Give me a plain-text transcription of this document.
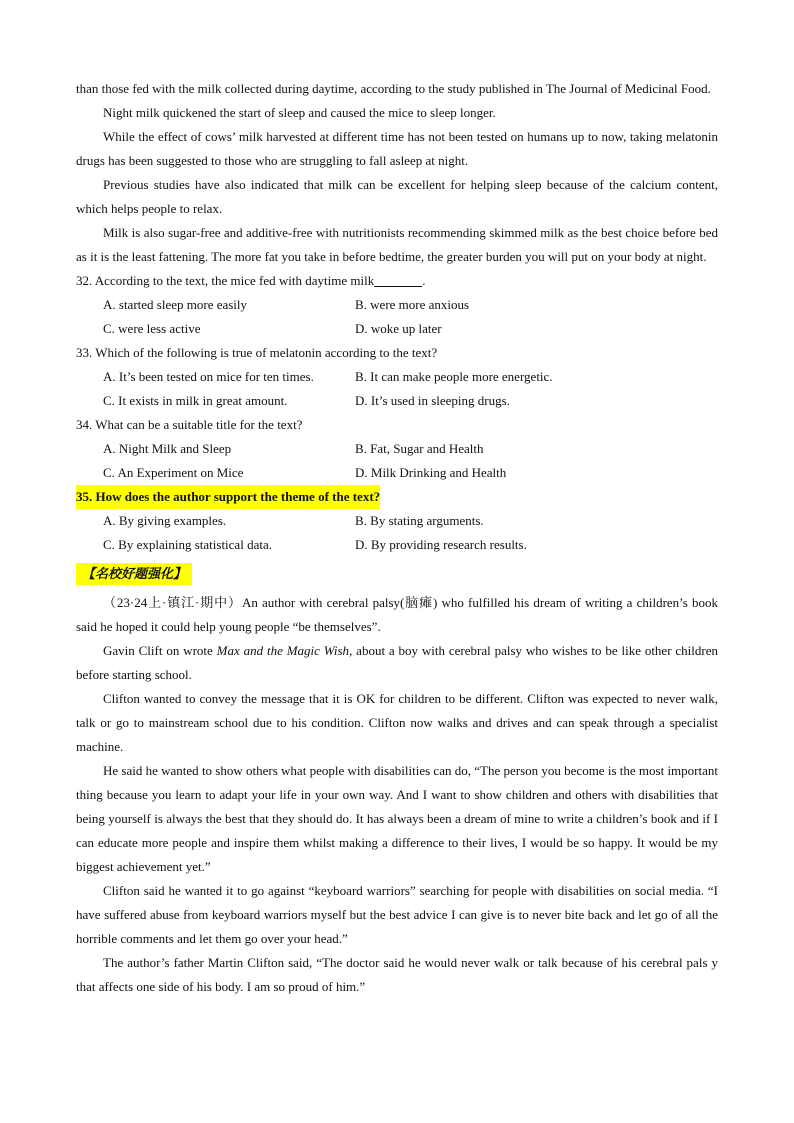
than those fed with the milk collected during daytime, according to the study published in The Journal of Medicinal Food.

Night milk quickened the start of sleep and caused the mice to sleep longer.

While the effect of cows’ milk harvested at different time has not been tested on humans up to now, taking melatonin drugs has been suggested to those who are struggling to fall asleep at night.

Previous studies have also indicated that milk can be excellent for helping sleep because of the calcium content, which helps people to relax.

Milk is also sugar-free and additive-free with nutritionists recommending skimmed milk as the best choice before bed as it is the least fattening. The more fat you take in before bedtime, the greater burden you will put on your body at night.

32. According to the text, the mice fed with daytime milk	.

A. started sleep more easily	B. were more anxious
C. were less active	D. woke up later

33. Which of the following is true of melatonin according to the text?

A. It’s been tested on mice for ten times.	B. It can make people more energetic.
C. It exists in milk in great amount.	D. It’s used in sleeping drugs.

34. What can be a suitable title for the text?

A. Night Milk and Sleep	B. Fat, Sugar and Health
C. An Experiment on Mice	D. Milk Drinking and Health

35. How does the author support the theme of the text?

A. By giving examples.	B. By stating arguments.
C. By explaining statistical data.	D. By providing research results.
【名校好题强化】

（23·24上·镇江·期中）An author with cerebral palsy(脑瘫) who fulfilled his dream of writing a children’s book said he hoped it could help young people “be themselves”.

Gavin Clift on wrote Max and the Magic Wish, about a boy with cerebral palsy who wishes to be like other children before starting school.

Clifton wanted to convey the message that it is OK for children to be different. Clifton was expected to never walk, talk or go to mainstream school due to his condition. Clifton now walks and drives and can speak through a specialist machine.

He said he wanted to show others what people with disabilities can do, “The person you become is the most important thing because you learn to adapt your life in your own way. And I want to show children and others with disabilities that being yourself is always the best that they should do. It has always been a dream of mine to write a children’s book and if I can educate more people and inspire them whilst making a difference to their lives, I would be so happy. It would be my biggest achievement yet.”

Clifton said he wanted it to go against “keyboard warriors” searching for people with disabilities on social media. “I have suffered abuse from keyboard warriors myself but the best advice I can give is to never bite back and let go of all the horrible comments and let them go over your head.”

The author’s father Martin Clifton said, “The doctor said he would never walk or talk because of his cerebral pals y that affects one side of his body. I am so proud of him.”
